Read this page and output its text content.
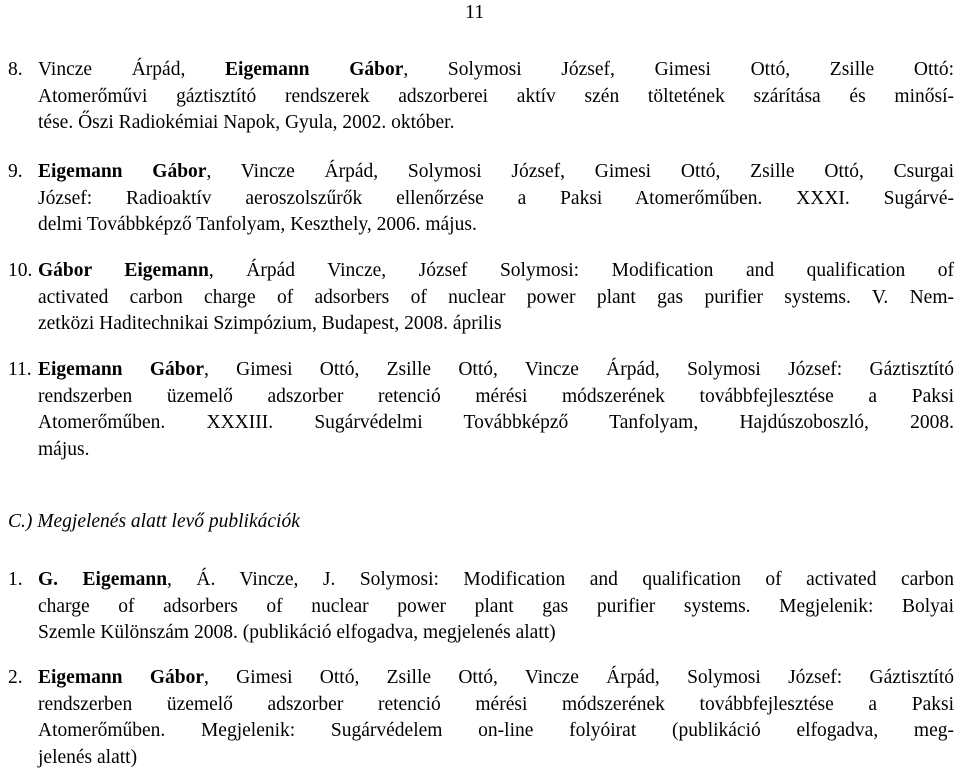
11
8. Vincze Árpád, Eigemann Gábor, Solymosi József, Gimesi Ottó, Zsille Ottó:
Atomerőművi gáztisztító rendszerek adszorberei aktív szén töltetének szárítása és minősí-
tése. Őszi Radiokémiai Napok, Gyula, 2002. október.
9. Eigemann Gábor, Vincze Árpád, Solymosi József, Gimesi Ottó, Zsille Ottó, Csurgai
József: Radioaktív aeroszolszűrők ellenőrzése a Paksi Atomerőműben. XXXI. Sugárvé-
delmi Továbbképző Tanfolyam, Keszthely, 2006. május.
10. Gábor Eigemann, Árpád Vincze, József Solymosi: Modification and qualification of
activated carbon charge of adsorbers of nuclear power plant gas purifier systems. V. Nem-
zetközi Haditechnikai Szimpózium, Budapest, 2008. április
11. Eigemann Gábor, Gimesi Ottó, Zsille Ottó, Vincze Árpád, Solymosi József: Gáztisztító
rendszerben üzemelő adszorber retenció mérési módszerének továbbfejlesztése a Paksi
Atomerőműben. XXXIII. Sugárvédelmi Továbbképző Tanfolyam, Hajdúszoboszló, 2008.
május.
C.) Megjelenés alatt levő publikációk
1. G. Eigemann, Á. Vincze, J. Solymosi: Modification and qualification of activated carbon
charge of adsorbers of nuclear power plant gas purifier systems. Megjelenik: Bolyai
Szemle Különszám 2008. (publikáció elfogadva, megjelenés alatt)
2. Eigemann Gábor, Gimesi Ottó, Zsille Ottó, Vincze Árpád, Solymosi József: Gáztisztító
rendszerben üzemelő adszorber retenció mérési módszerének továbbfejlesztése a Paksi
Atomerőműben. Megjelenik: Sugárvédelem on-line folyóirat (publikáció elfogadva, meg-
jelenés alatt)
